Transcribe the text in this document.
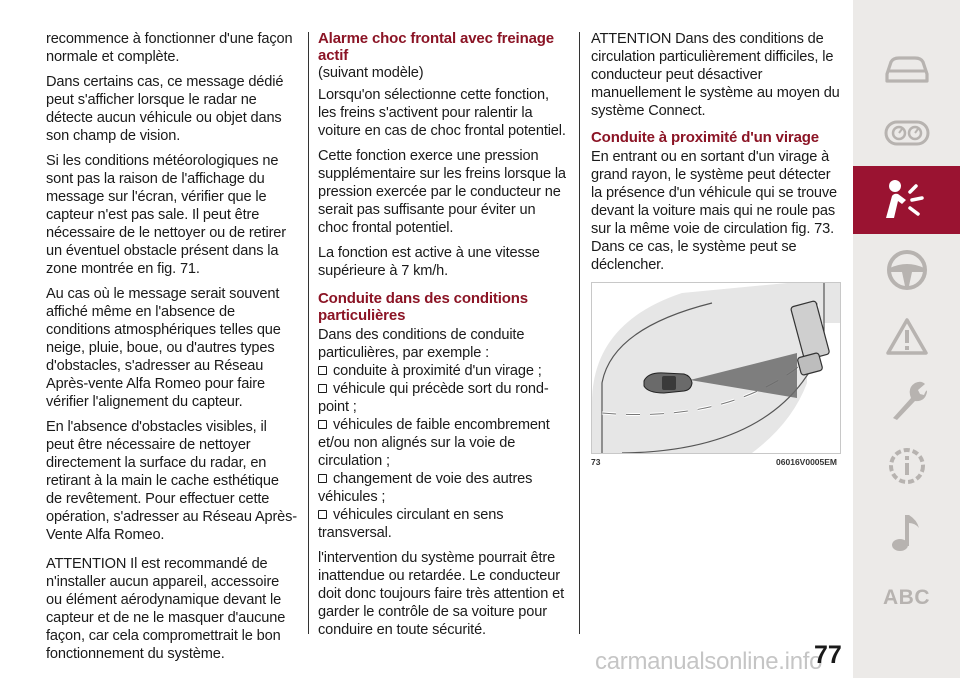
recommence à fonctionner d'une façon normale et complète.

Dans certains cas, ce message dédié peut s'afficher lorsque le radar ne détecte aucun véhicule ou objet dans son champ de vision.

Si les conditions météorologiques ne sont pas la raison de l'affichage du message sur l'écran, vérifier que le capteur n'est pas sale. Il peut être nécessaire de le nettoyer ou de retirer un éventuel obstacle présent dans la zone montrée en fig. 71.

Au cas où le message serait souvent affiché même en l'absence de conditions atmosphériques telles que neige, pluie, boue, ou d'autres types d'obstacles, s'adresser au Réseau Après-vente Alfa Romeo pour faire vérifier l'alignement du capteur.

En l'absence d'obstacles visibles, il peut être nécessaire de nettoyer directement la surface du radar, en retirant à la main le cache esthétique de revêtement. Pour effectuer cette opération, s'adresser au Réseau Après-Vente Alfa Romeo.

ATTENTION Il est recommandé de n'installer aucun appareil, accessoire ou élément aérodynamique devant le capteur et de ne le masquer d'aucune façon, car cela compromettrait le bon fonctionnement du système.

Alarme choc frontal avec freinage actif

(suivant modèle)

Lorsqu'on sélectionne cette fonction, les freins s'activent pour ralentir la voiture en cas de choc frontal potentiel.

Cette fonction exerce une pression supplémentaire sur les freins lorsque la pression exercée par le conducteur ne serait pas suffisante pour éviter un choc frontal potentiel.

La fonction est active à une vitesse supérieure à 7 km/h.

Conduite dans des conditions particulières

Dans des conditions de conduite particulières, par exemple :

conduite à proximité d'un virage ;
véhicule qui précède sort du rond-point ;
véhicules de faible encombrement et/ou non alignés sur la voie de circulation ;
changement de voie des autres véhicules ;
véhicules circulant en sens transversal.

l'intervention du système pourrait être inattendue ou retardée. Le conducteur doit donc toujours faire très attention et garder le contrôle de sa voiture pour conduire en toute sécurité.

ATTENTION Dans des conditions de circulation particulièrement difficiles, le conducteur peut désactiver manuellement le système au moyen du système Connect.

Conduite à proximité d'un virage

En entrant ou en sortant d'un virage à grand rayon, le système peut détecter la présence d'un véhicule qui se trouve devant la voiture mais qui ne roule pas sur la même voie de circulation fig. 73. Dans ce cas, le système peut se déclencher.

73	06016V0005EM
ABC
carmanualsonline.info
77
